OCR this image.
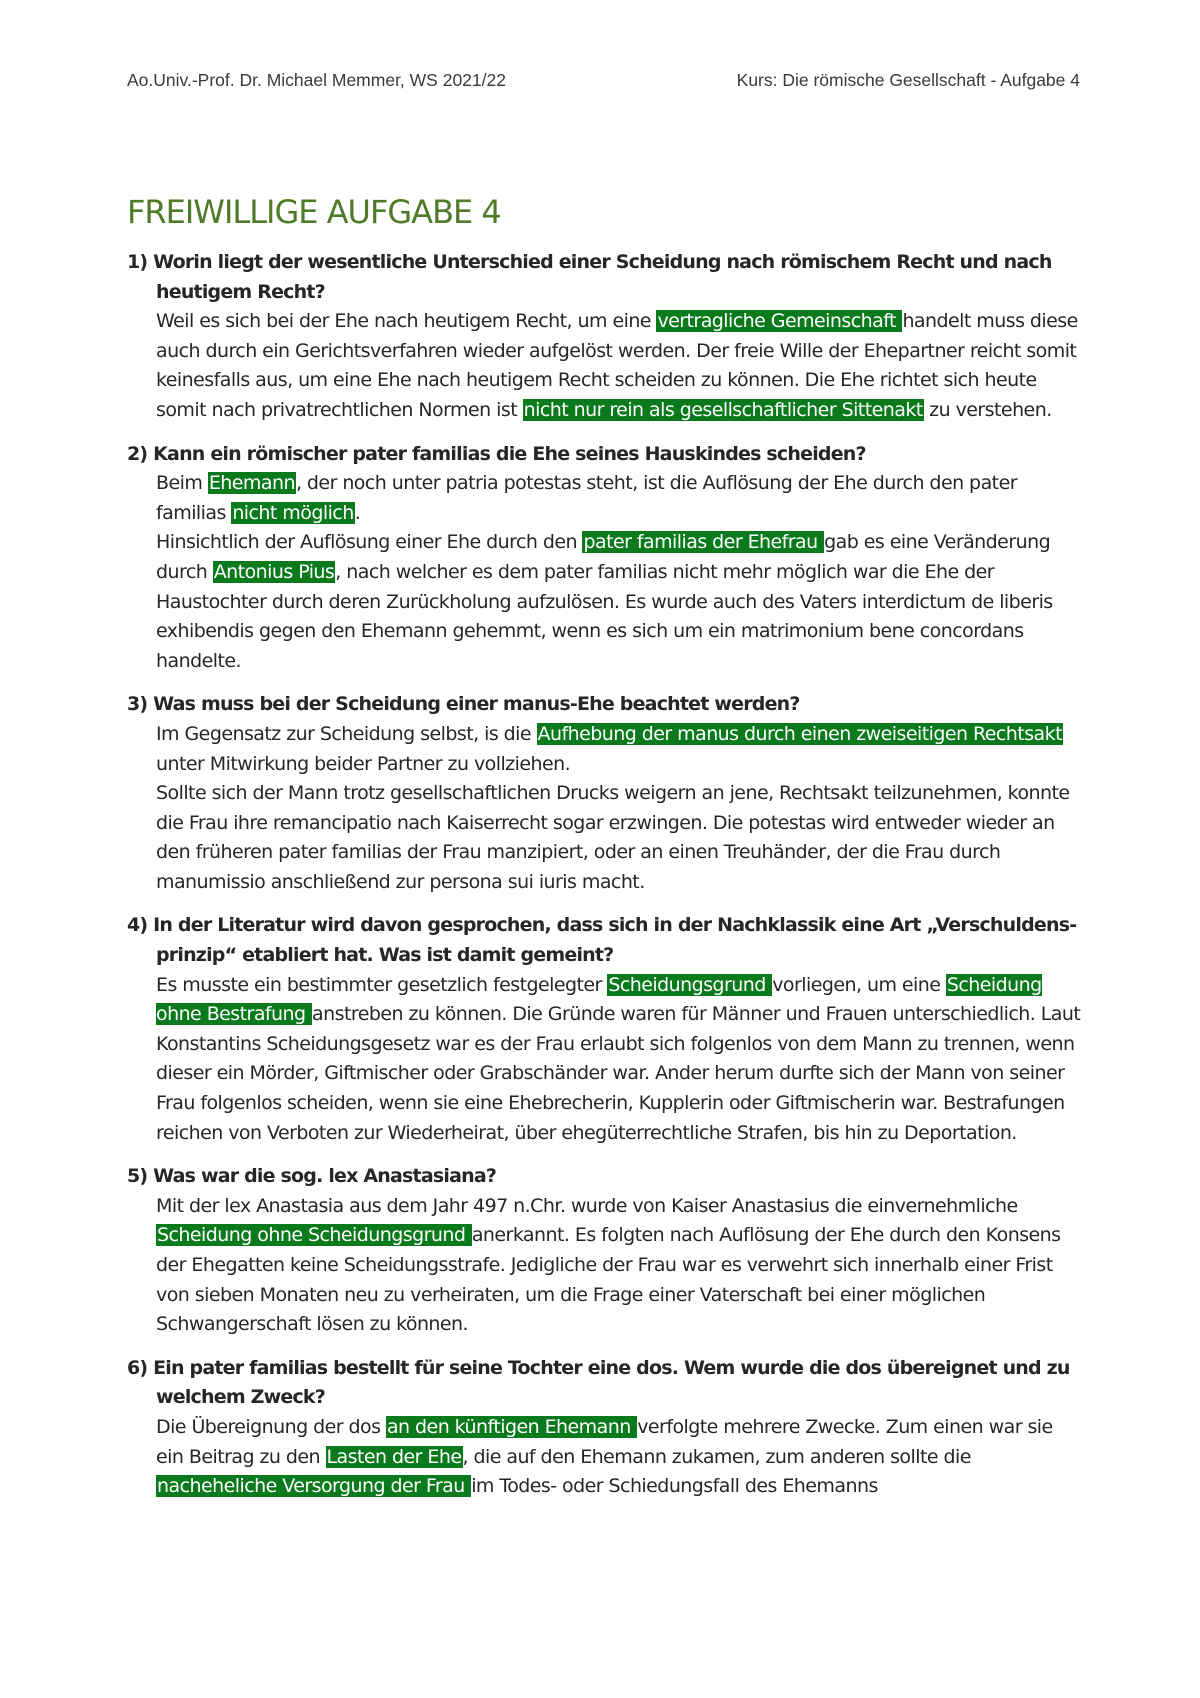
Ao.Univ.-Prof. Dr. Michael Memmer, WS 2021/22	Kurs: Die römische Gesellschaft - Aufgabe 4
FREIWILLIGE AUFGABE 4

1) Worin liegt der wesentliche Unterschied einer Scheidung nach römischem Recht und nach heutigem Recht?

Weil es sich bei der Ehe nach heutigem Recht, um eine vertragliche Gemeinschaft handelt muss diese auch durch ein Gerichtsverfahren wieder aufgelöst werden. Der freie Wille der Ehepartner reicht somit keinesfalls aus, um eine Ehe nach heutigem Recht scheiden zu können. Die Ehe richtet sich heute somit nach privatrechtlichen Normen ist nicht nur rein als gesellschaftlicher Sittenakt zu verstehen.

2) Kann ein römischer pater familias die Ehe seines Hauskindes scheiden?

Beim Ehemann, der noch unter patria potestas steht, ist die Auflösung der Ehe durch den pater familias nicht möglich.
Hinsichtlich der Auflösung einer Ehe durch den pater familias der Ehefrau gab es eine Veränderung durch Antonius Pius, nach welcher es dem pater familias nicht mehr möglich war die Ehe der Haustochter durch deren Zurückholung aufzulösen. Es wurde auch des Vaters interdictum de liberis exhibendis gegen den Ehemann gehemmt, wenn es sich um ein matrimonium bene concordans handelte.

3) Was muss bei der Scheidung einer manus-Ehe beachtet werden?

Im Gegensatz zur Scheidung selbst, is die Aufhebung der manus durch einen zweiseitigen Rechtsakt unter Mitwirkung beider Partner zu vollziehen.
Sollte sich der Mann trotz gesellschaftlichen Drucks weigern an jene, Rechtsakt teilzunehmen, konnte die Frau ihre remancipatio nach Kaiserrecht sogar erzwingen. Die potestas wird entweder wieder an den früheren pater familias der Frau manzipiert, oder an einen Treuhänder, der die Frau durch manumissio anschließend zur persona sui iuris macht.

4) In der Literatur wird davon gesprochen, dass sich in der Nachklassik eine Art „Verschuldens-prinzip“ etabliert hat. Was ist damit gemeint?

Es musste ein bestimmter gesetzlich festgelegter Scheidungsgrund vorliegen, um eine Scheidung ohne Bestrafung anstreben zu können. Die Gründe waren für Männer und Frauen unterschiedlich. Laut Konstantins Scheidungsgesetz war es der Frau erlaubt sich folgenlos von dem Mann zu trennen, wenn dieser ein Mörder, Giftmischer oder Grabschänder war. Ander herum durfte sich der Mann von seiner Frau folgenlos scheiden, wenn sie eine Ehebrecherin, Kupplerin oder Giftmischerin war. Bestrafungen reichen von Verboten zur Wiederheirat, über ehegüterrechtliche Strafen, bis hin zu Deportation.

5) Was war die sog. lex Anastasiana?

Mit der lex Anastasia aus dem Jahr 497 n.Chr. wurde von Kaiser Anastasius die einvernehmliche Scheidung ohne Scheidungsgrund anerkannt. Es folgten nach Auflösung der Ehe durch den Konsens der Ehegatten keine Scheidungsstrafe. Jedigliche der Frau war es verwehrt sich innerhalb einer Frist von sieben Monaten neu zu verheiraten, um die Frage einer Vaterschaft bei einer möglichen Schwangerschaft lösen zu können.

6) Ein pater familias bestellt für seine Tochter eine dos. Wem wurde die dos übereignet und zu welchem Zweck?

Die Übereignung der dos an den künftigen Ehemann verfolgte mehrere Zwecke. Zum einen war sie ein Beitrag zu den Lasten der Ehe, die auf den Ehemann zukamen, zum anderen sollte die nacheheliche Versorgung der Frau im Todes- oder Schiedungsfall des Ehemanns
